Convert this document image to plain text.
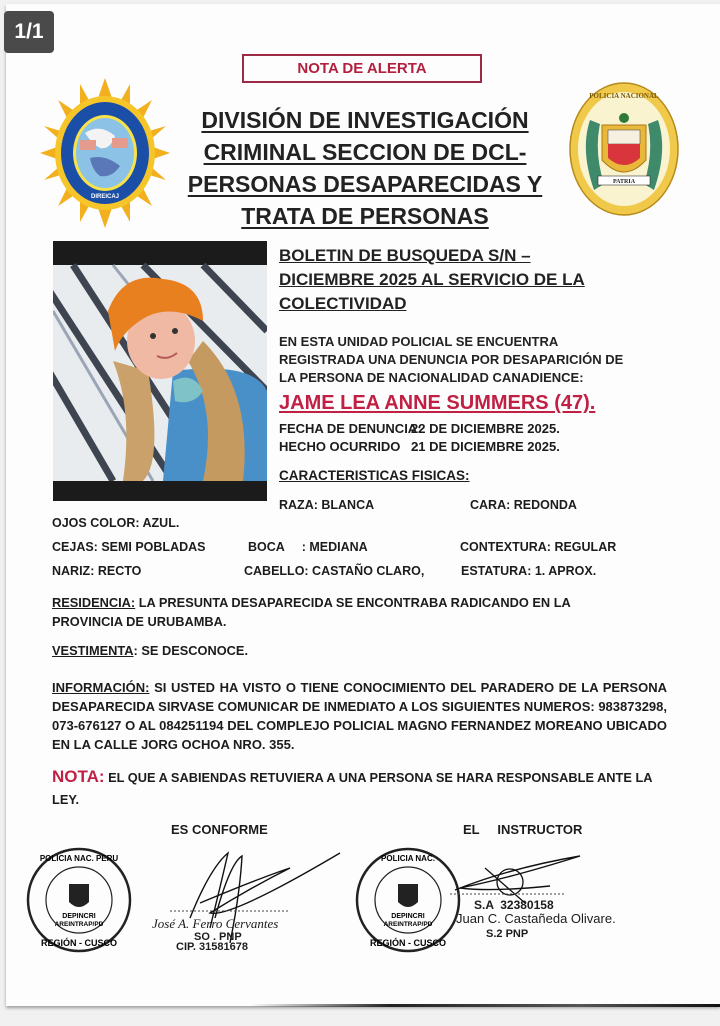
1/1
NOTA DE ALERTA
DIREICAJ
DIVISIÓN DE INVESTIGACIÓN
CRIMINAL SECCION DE DCL-
PERSONAS DESAPARECIDAS Y
TRATA DE PERSONAS
PATRIA
POLICIA NACIONAL
BOLETIN DE BUSQUEDA S/N –
DICIEMBRE 2025 AL SERVICIO DE LA
COLECTIVIDAD
EN ESTA UNIDAD POLICIAL SE ENCUENTRA
REGISTRADA UNA DENUNCIA POR DESAPARICIÓN DE
LA PERSONA DE NACIONALIDAD CANADIENCE:
JAME LEA ANNE SUMMERS (47).
FECHA DE DENUNCIA:
22 DE DICIEMBRE 2025.
HECHO OCURRIDO    :
21 DE DICIEMBRE 2025.
CARACTERISTICAS FISICAS:
RAZA: BLANCA	CARA: REDONDA
OJOS COLOR: AZUL.
CEJAS: SEMI POBLADAS	BOCA     : MEDIANA	CONTEXTURA: REGULAR
NARIZ: RECTO	CABELLO: CASTAÑO CLARO,	ESTATURA: 1. APROX.
RESIDENCIA: LA PRESUNTA DESAPARECIDA SE ENCONTRABA RADICANDO EN LA PROVINCIA DE URUBAMBA.
VESTIMENTA: SE DESCONOCE.
INFORMACIÓN: SI USTED HA VISTO O TIENE CONOCIMIENTO DEL PARADERO DE LA PERSONA DESAPARECIDA SIRVASE COMUNICAR DE INMEDIATO A LOS SIGUIENTES NUMEROS: 983873298, 073-676127 O AL 084251194 DEL COMPLEJO POLICIAL MAGNO FERNANDEZ MOREANO UBICADO EN LA CALLE JORG OCHOA NRO. 355.
NOTA: EL QUE A SABIENDAS RETUVIERA A UNA PERSONA SE HARA RESPONSABLE ANTE LA LEY.
ES CONFORME	EL     INSTRUCTOR
DEPINCRI
AREINTRAP/PD
REGIÓN - CUSCO
POLICIA NAC. PERU
José A. Ferro Cervantes
SO . PNP
CIP. 31581678
DEPINCRI
AREINTRAP/PD
REGIÓN - CUSCO
POLICIA NAC.
S.A  32380158
Juan C. Castañeda Olivare.
S.2 PNP
